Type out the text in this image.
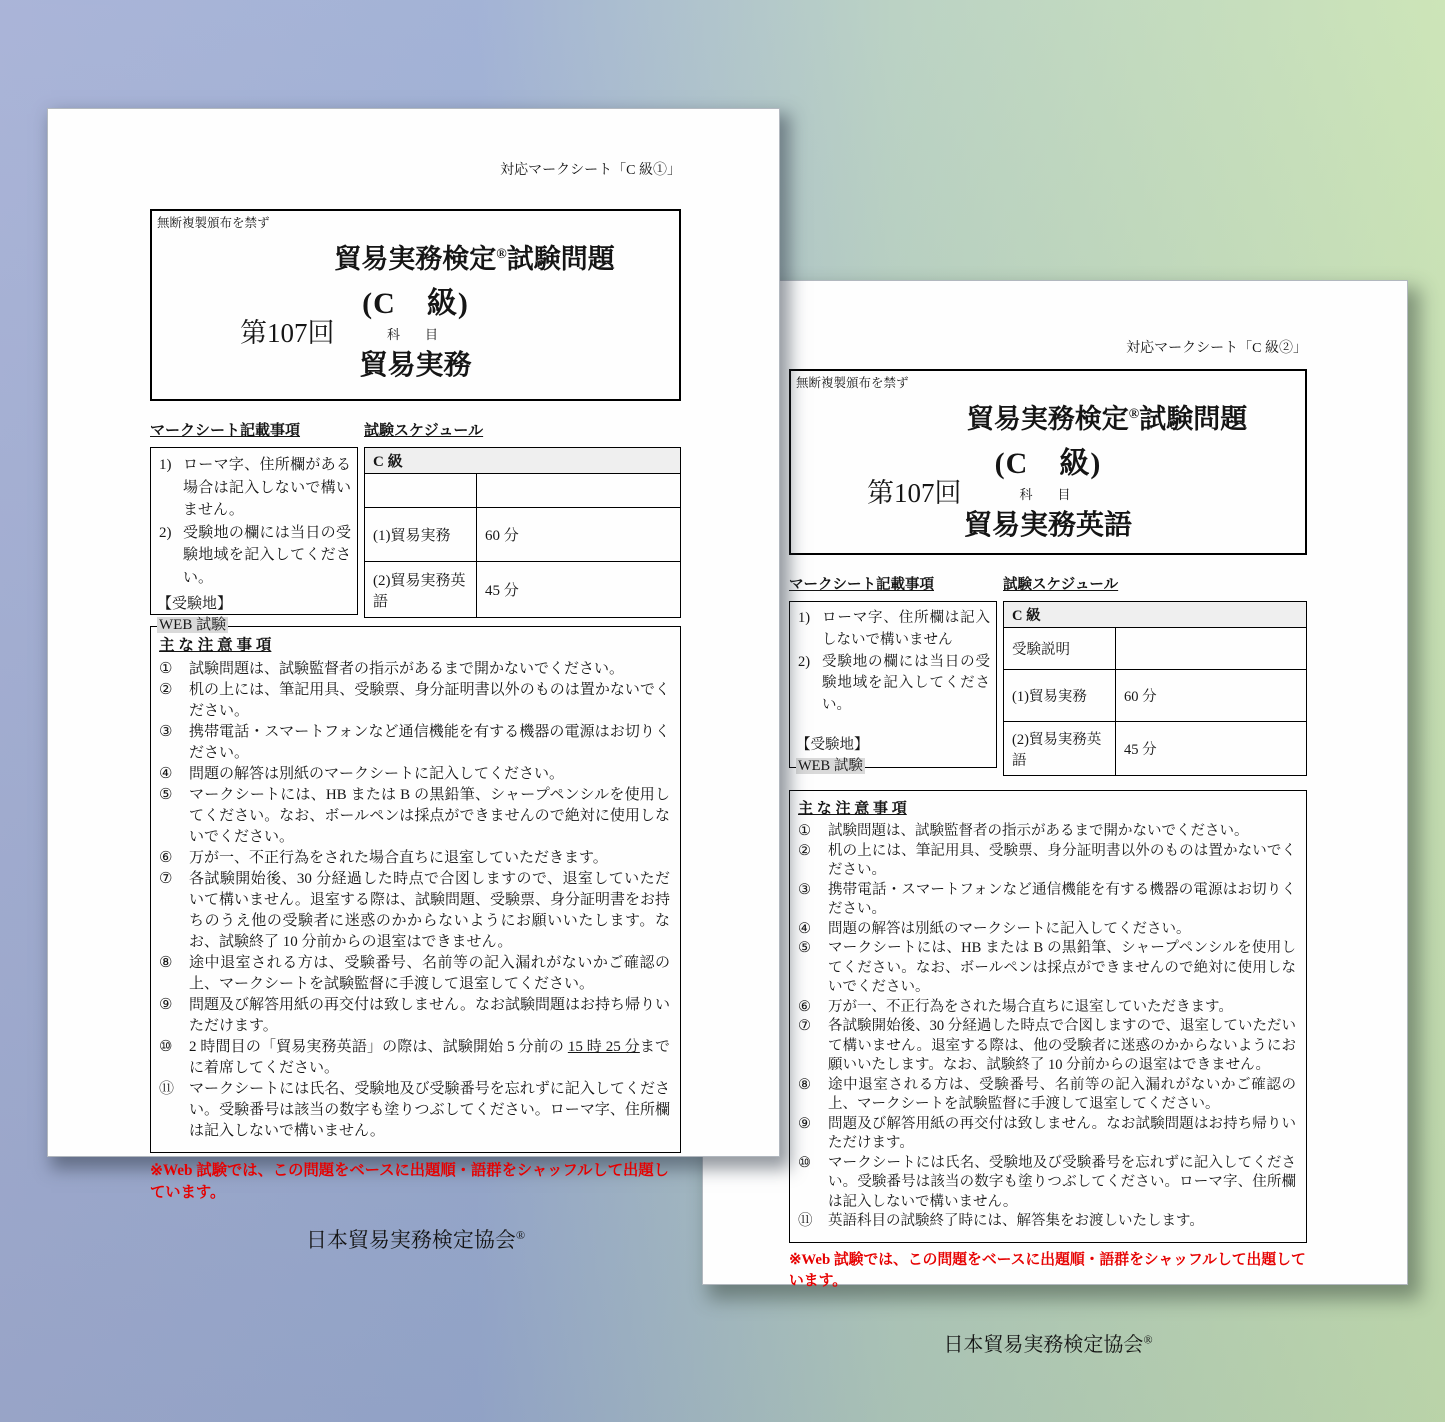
対応マークシート「C 級①」
無断複製頒布を禁ず
貿易実務検定®試験問題
(C　級)
第107回	科　目
貿易実務
マークシート記載事項
1) ローマ字、住所欄がある場合は記入しないで構いません。
2) 受験地の欄には当日の受験地域を記入してください。
【受験地】
WEB 試験
試験スケジュール
C 級	

(1)貿易実務	60 分
(2)貿易実務英語	45 分
主 な 注 意 事 項
①	試験問題は、試験監督者の指示があるまで開かないでください。
②	机の上には、筆記用具、受験票、身分証明書以外のものは置かないでください。
③	携帯電話・スマートフォンなど通信機能を有する機器の電源はお切りください。
④	問題の解答は別紙のマークシートに記入してください。
⑤	マークシートには、HB または B の黒鉛筆、シャープペンシルを使用してください。なお、ボールペンは採点ができませんので絶対に使用しないでください。
⑥	万が一、不正行為をされた場合直ちに退室していただきます。
⑦	各試験開始後、30 分経過した時点で合図しますので、退室していただいて構いません。退室する際は、試験問題、受験票、身分証明書をお持ちのうえ他の受験者に迷惑のかからないようにお願いいたします。なお、試験終了 10 分前からの退室はできません。
⑧	途中退室される方は、受験番号、名前等の記入漏れがないかご確認の上、マークシートを試験監督に手渡して退室してください。
⑨	問題及び解答用紙の再交付は致しません。なお試験問題はお持ち帰りいただけます。
⑩	2 時間目の「貿易実務英語」の際は、試験開始 5 分前の 15 時 25 分までに着席してください。
⑪ マークシートには氏名、受験地及び受験番号を忘れずに記入してください。受験番号は該当の数字も塗りつぶしてください。ローマ字、住所欄は記入しないで構いません。
※Web 試験では、この問題をベースに出題順・語群をシャッフルして出題しています。
日本貿易実務検定協会®
対応マークシート「C 級②」
無断複製頒布を禁ず
貿易実務検定®試験問題
(C　級)
第107回	科　目
貿易実務英語
マークシート記載事項
1) ローマ字、住所欄は記入しないで構いません
2) 受験地の欄には当日の受験地域を記入してください。
【受験地】
WEB 試験
試験スケジュール
C 級	
受験説明	
(1)貿易実務	60 分
(2)貿易実務英語	45 分
主 な 注 意 事 項
①	試験問題は、試験監督者の指示があるまで開かないでください。
②	机の上には、筆記用具、受験票、身分証明書以外のものは置かないでください。
③	携帯電話・スマートフォンなど通信機能を有する機器の電源はお切りください。
④	問題の解答は別紙のマークシートに記入してください。
⑤	マークシートには、HB または B の黒鉛筆、シャープペンシルを使用してください。なお、ボールペンは採点ができませんので絶対に使用しないでください。
⑥	万が一、不正行為をされた場合直ちに退室していただきます。
⑦	各試験開始後、30 分経過した時点で合図しますので、退室していただいて構いません。退室する際は、他の受験者に迷惑のかからないようにお願いいたします。なお、試験終了 10 分前からの退室はできません。
⑧	途中退室される方は、受験番号、名前等の記入漏れがないかご確認の上、マークシートを試験監督に手渡して退室してください。
⑨	問題及び解答用紙の再交付は致しません。なお試験問題はお持ち帰りいただけます。
⑩	マークシートには氏名、受験地及び受験番号を忘れずに記入してください。受験番号は該当の数字も塗りつぶしてください。ローマ字、住所欄は記入しないで構いません。
⑪	英語科目の試験終了時には、解答集をお渡しいたします。
※Web 試験では、この問題をベースに出題順・語群をシャッフルして出題しています。
日本貿易実務検定協会®
